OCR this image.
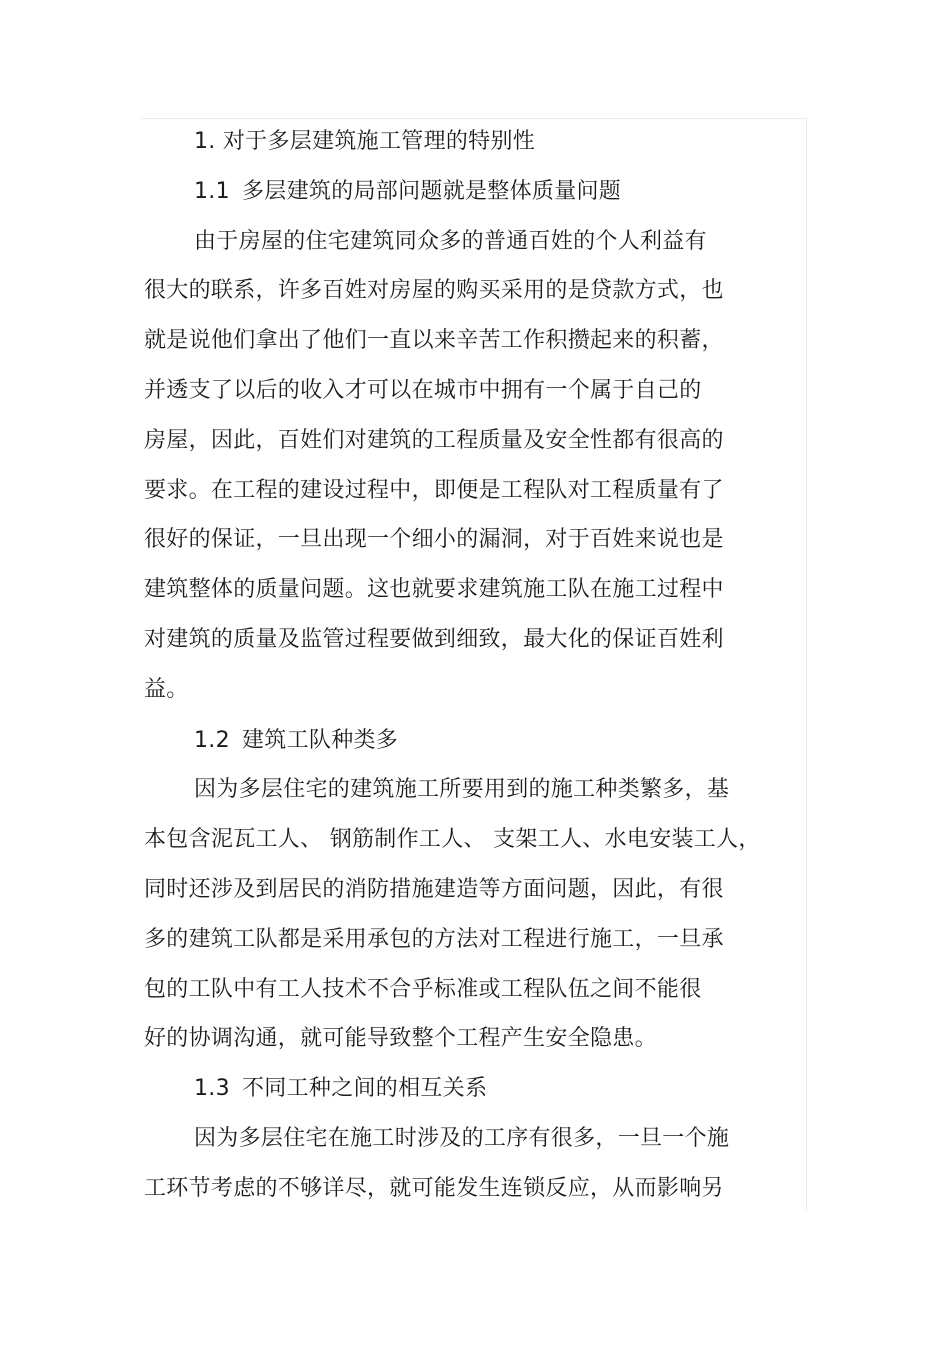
1. 对于多层建筑施工管理的特别性
1.1 多层建筑的局部问题就是整体质量问题
由于房屋的住宅建筑同众多的普通百姓的个人利益有
很大的联系，许多百姓对房屋的购买采用的是贷款方式，也
就是说他们拿出了他们一直以来辛苦工作积攒起来的积蓄，
并透支了以后的收入才可以在城市中拥有一个属于自己的
房屋，因此，百姓们对建筑的工程质量及安全性都有很高的
要求。在工程的建设过程中，即便是工程队对工程质量有了
很好的保证，一旦出现一个细小的漏洞，对于百姓来说也是
建筑整体的质量问题。这也就要求建筑施工队在施工过程中
对建筑的质量及监管过程要做到细致，最大化的保证百姓利
益。
1.2 建筑工队种类多
因为多层住宅的建筑施工所要用到的施工种类繁多，基
本包含泥瓦工人、 钢筋制作工人、 支架工人、水电安装工人，
同时还涉及到居民的消防措施建造等方面问题，因此，有很
多的建筑工队都是采用承包的方法对工程进行施工，一旦承
包的工队中有工人技术不合乎标准或工程队伍之间不能很
好的协调沟通，就可能导致整个工程产生安全隐患。
1.3 不同工种之间的相互关系
因为多层住宅在施工时涉及的工序有很多，一旦一个施
工环节考虑的不够详尽，就可能发生连锁反应，从而影响另
